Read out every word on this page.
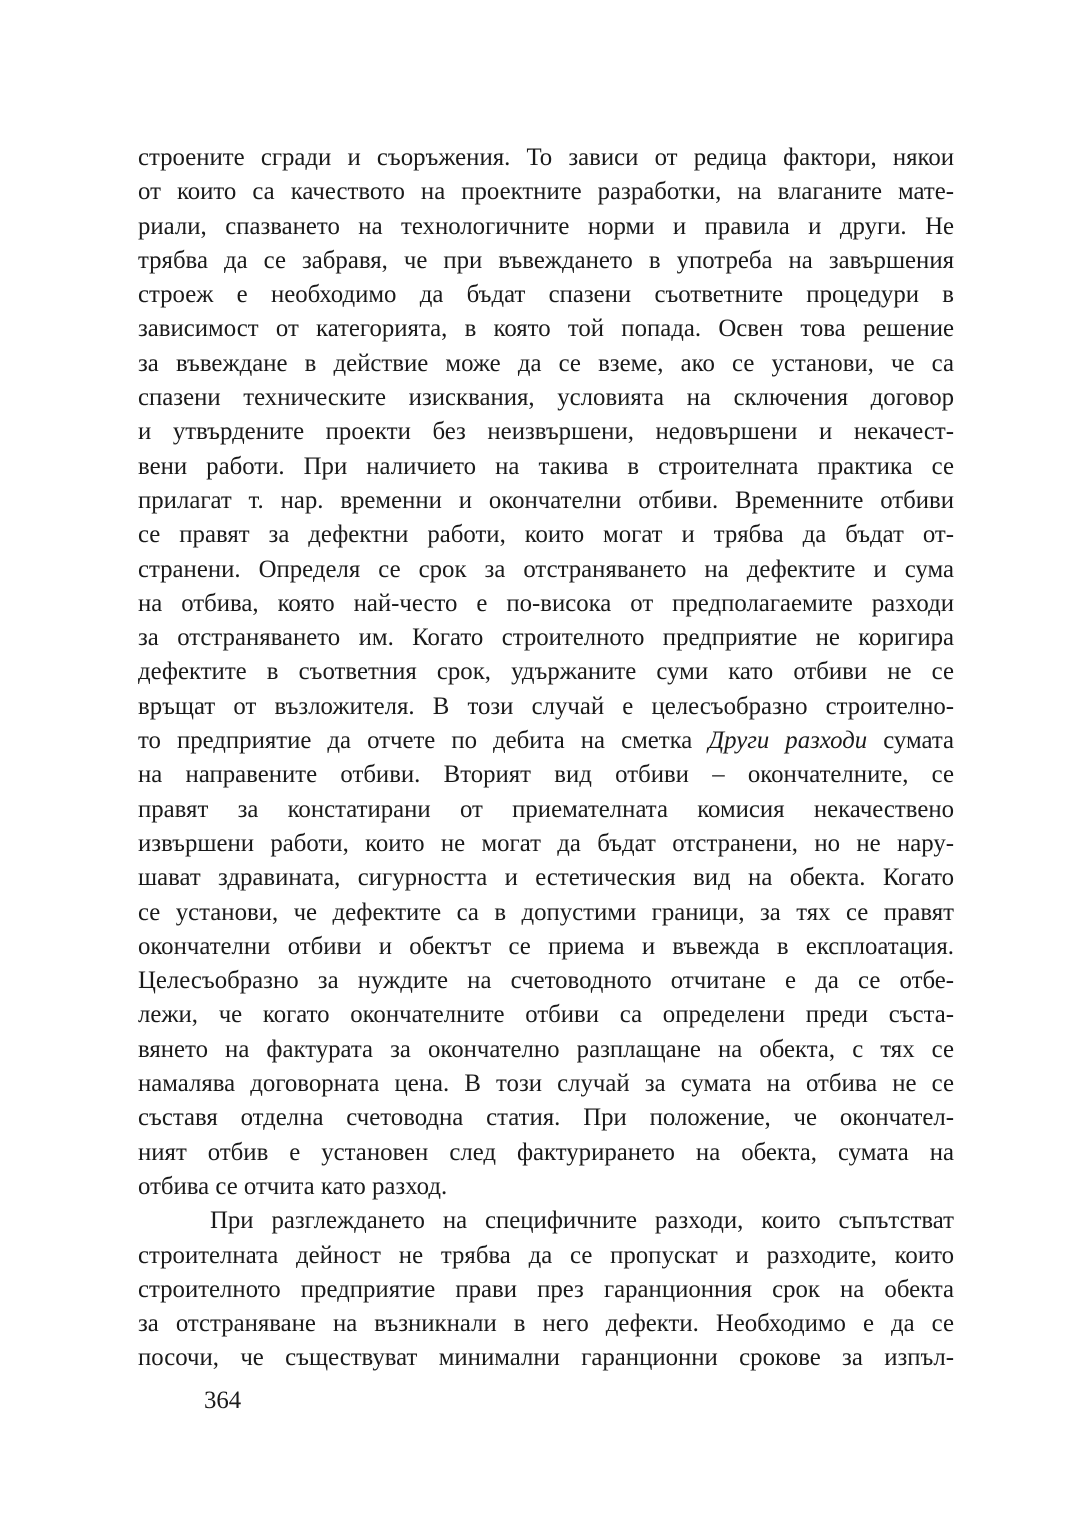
строените сгради и съоръжения. То зависи от редица фактори, някои
от които са качеството на проектните разработки, на влаганите мате-
риали, спазването на технологичните норми и правила и други. Не
трябва да се забравя, че при въвеждането в употреба на завършения
строеж е необходимо да бъдат спазени съответните процедури в
зависимост от категорията, в която той попада. Освен това решение
за въвеждане в действие може да се вземе, ако се установи, че са
спазени техническите изисквания, условията на сключения договор
и утвърдените проекти без неизвършени, недовършени и некачест-
вени работи. При наличието на такива в строителната практика се
прилагат т. нар. временни и окончателни отбиви. Временните отбиви
се правят за дефектни работи, които могат и трябва да бъдат от-
странени. Определя се срок за отстраняването на дефектите и сума
на отбива, която най-често е по-висока от предполагаемите разходи
за отстраняването им. Когато строителното предприятие не коригира
дефектите в съответния срок, удържаните суми като отбиви не се
връщат от възложителя. В този случай е целесъобразно строително-
то предприятие да отчете по дебита на сметка Други разходи сумата
на направените отбиви. Вторият вид отбиви – окончателните, се
правят за констатирани от приемателната комисия некачествено
извършени работи, които не могат да бъдат отстранени, но не нару-
шават здравината, сигурността и естетическия вид на обекта. Когато
се установи, че дефектите са в допустими граници, за тях се правят
окончателни отбиви и обектът се приема и въвежда в експлоатация.
Целесъобразно за нуждите на счетоводното отчитане е да се отбе-
лежи, че когато окончателните отбиви са определени преди съста-
вянето на фактурата за окончателно разплащане на обекта, с тях се
намалява договорната цена. В този случай за сумата на отбива не се
съставя отделна счетоводна статия. При положение, че окончател-
ният отбив е установен след фактурирането на обекта, сумата на
отбива се отчита като разход.
При разглеждането на специфичните разходи, които съпътстват
строителната дейност не трябва да се пропускат и разходите, които
строителното предприятие прави през гаранционния срок на обекта
за отстраняване на възникнали в него дефекти. Необходимо е да се
посочи, че съществуват минимални гаранционни срокове за изпъл-
364
